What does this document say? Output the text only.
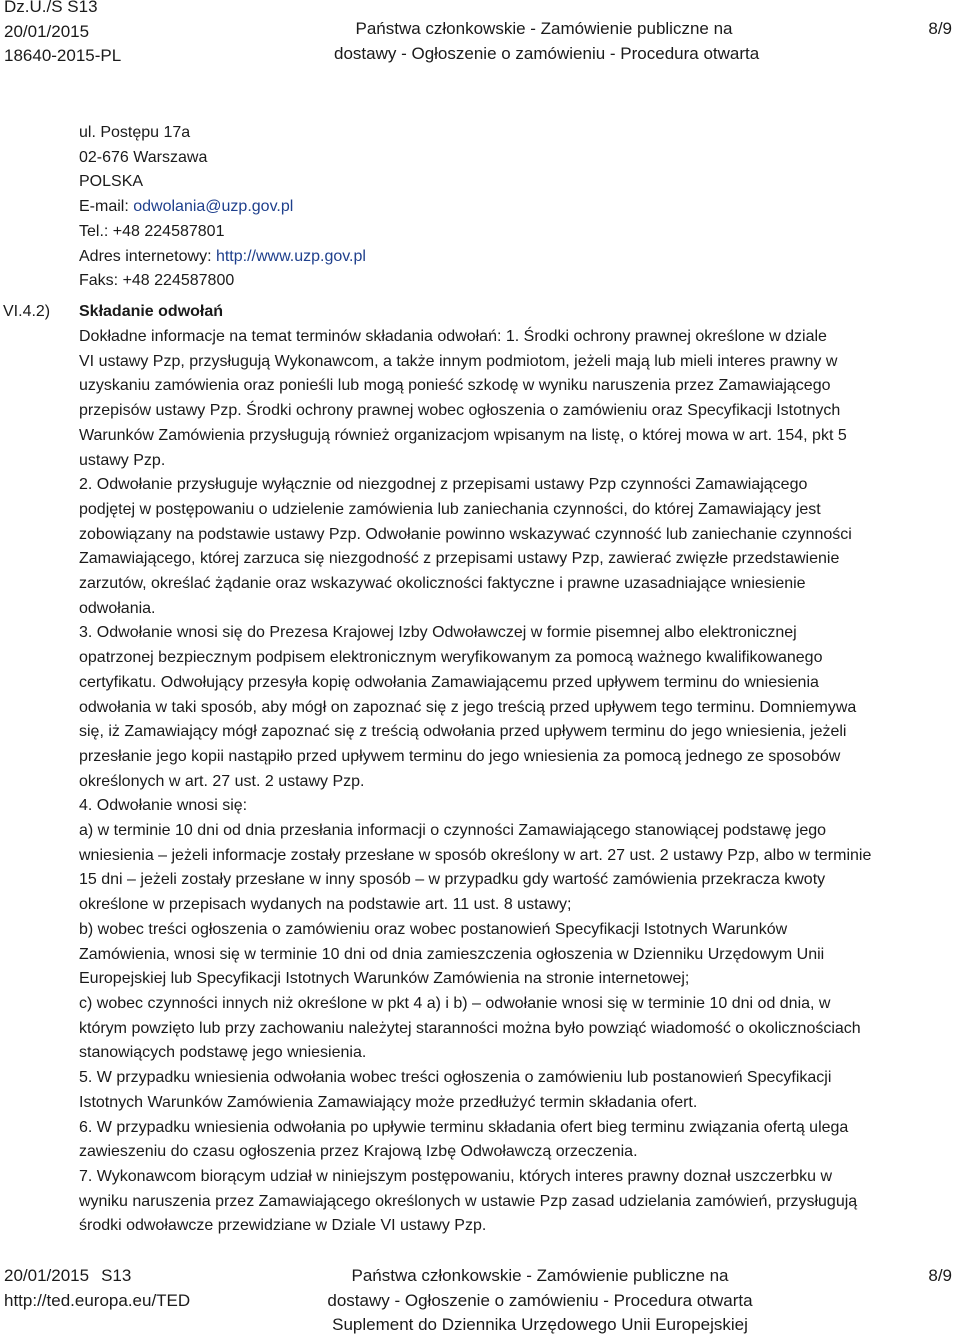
Dz.U./S S13
20/01/2015
18640-2015-PL
Państwa członkowskie - Zamówienie publiczne na
dostawy - Ogłoszenie o zamówieniu - Procedura otwarta
8/9
ul. Postępu 17a
02-676 Warszawa
POLSKA
E-mail: odwolania@uzp.gov.pl
Tel.: +48 224587801
Adres internetowy: http://www.uzp.gov.pl
Faks: +48 224587800
VI.4.2) Składanie odwołań
Dokładne informacje na temat terminów składania odwołań: 1. Środki ochrony prawnej określone w dziale
VI ustawy Pzp, przysługują Wykonawcom, a także innym podmiotom, jeżeli mają lub mieli interes prawny w
uzyskaniu zamówienia oraz ponieśli lub mogą ponieść szkodę w wyniku naruszenia przez Zamawiającego
przepisów ustawy Pzp. Środki ochrony prawnej wobec ogłoszenia o zamówieniu oraz Specyfikacji Istotnych
Warunków Zamówienia przysługują również organizacjom wpisanym na listę, o której mowa w art. 154, pkt 5
ustawy Pzp.
2. Odwołanie przysługuje wyłącznie od niezgodnej z przepisami ustawy Pzp czynności Zamawiającego
podjętej w postępowaniu o udzielenie zamówienia lub zaniechania czynności, do której Zamawiający jest
zobowiązany na podstawie ustawy Pzp. Odwołanie powinno wskazywać czynność lub zaniechanie czynności
Zamawiającego, której zarzuca się niezgodność z przepisami ustawy Pzp, zawierać zwięzłe przedstawienie
zarzutów, określać żądanie oraz wskazywać okoliczności faktyczne i prawne uzasadniające wniesienie
odwołania.
3. Odwołanie wnosi się do Prezesa Krajowej Izby Odwoławczej w formie pisemnej albo elektronicznej
opatrzonej bezpiecznym podpisem elektronicznym weryfikowanym za pomocą ważnego kwalifikowanego
certyfikatu. Odwołujący przesyła kopię odwołania Zamawiającemu przed upływem terminu do wniesienia
odwołania w taki sposób, aby mógł on zapoznać się z jego treścią przed upływem tego terminu. Domniemywa
się, iż Zamawiający mógł zapoznać się z treścią odwołania przed upływem terminu do jego wniesienia, jeżeli
przesłanie jego kopii nastąpiło przed upływem terminu do jego wniesienia za pomocą jednego ze sposobów
określonych w art. 27 ust. 2 ustawy Pzp.
4. Odwołanie wnosi się:
a) w terminie 10 dni od dnia przesłania informacji o czynności Zamawiającego stanowiącej podstawę jego
wniesienia – jeżeli informacje zostały przesłane w sposób określony w art. 27 ust. 2 ustawy Pzp, albo w terminie
15 dni – jeżeli zostały przesłane w inny sposób – w przypadku gdy wartość zamówienia przekracza kwoty
określone w przepisach wydanych na podstawie art. 11 ust. 8 ustawy;
b) wobec treści ogłoszenia o zamówieniu oraz wobec postanowień Specyfikacji Istotnych Warunków
Zamówienia, wnosi się w terminie 10 dni od dnia zamieszczenia ogłoszenia w Dzienniku Urzędowym Unii
Europejskiej lub Specyfikacji Istotnych Warunków Zamówienia na stronie internetowej;
c) wobec czynności innych niż określone w pkt 4 a) i b) – odwołanie wnosi się w terminie 10 dni od dnia, w
którym powzięto lub przy zachowaniu należytej staranności można było powziąć wiadomość o okolicznościach
stanowiących podstawę jego wniesienia.
5. W przypadku wniesienia odwołania wobec treści ogłoszenia o zamówieniu lub postanowień Specyfikacji
Istotnych Warunków Zamówienia Zamawiający może przedłużyć termin składania ofert.
6. W przypadku wniesienia odwołania po upływie terminu składania ofert bieg terminu związania ofertą ulega
zawieszeniu do czasu ogłoszenia przez Krajową Izbę Odwoławczą orzeczenia.
7. Wykonawcom biorącym udział w niniejszym postępowaniu, których interes prawny doznał uszczerbku w
wyniku naruszenia przez Zamawiającego określonych w ustawie Pzp zasad udzielania zamówień, przysługują
środki odwoławcze przewidziane w Dziale VI ustawy Pzp.
20/01/2015 S13
http://ted.europa.eu/TED
Państwa członkowskie - Zamówienie publiczne na
dostawy - Ogłoszenie o zamówieniu - Procedura otwarta
Suplement do Dziennika Urzędowego Unii Europejskiej
8/9
